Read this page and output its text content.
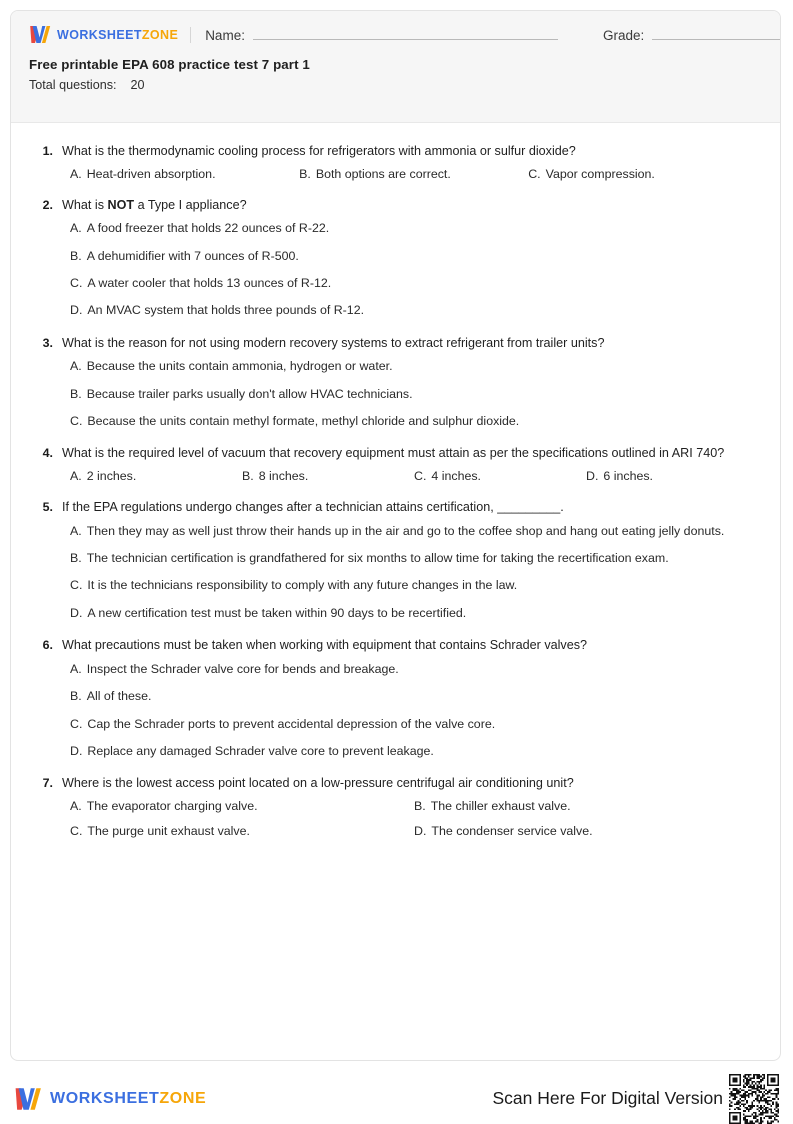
WORKSHEETZONE Name:	Grade:
Free printable EPA 608 practice test 7 part 1
Total questions: 20
1. What is the thermodynamic cooling process for refrigerators with ammonia or sulfur dioxide?
A. Heat-driven absorption.	B. Both options are correct.	C. Vapor compression.
2. What is NOT a Type I appliance?
A. A food freezer that holds 22 ounces of R-22.
B. A dehumidifier with 7 ounces of R-500.
C. A water cooler that holds 13 ounces of R-12.
D. An MVAC system that holds three pounds of R-12.
3. What is the reason for not using modern recovery systems to extract refrigerant from trailer units?
A. Because the units contain ammonia, hydrogen or water.
B. Because trailer parks usually don't allow HVAC technicians.
C. Because the units contain methyl formate, methyl chloride and sulphur dioxide.
4. What is the required level of vacuum that recovery equipment must attain as per the specifications outlined in ARI 740?
A. 2 inches.	B. 8 inches.	C. 4 inches.	D. 6 inches.
5. If the EPA regulations undergo changes after a technician attains certification, _________.
A. Then they may as well just throw their hands up in the air and go to the coffee shop and hang out eating jelly donuts.
B. The technician certification is grandfathered for six months to allow time for taking the recertification exam.
C. It is the technicians responsibility to comply with any future changes in the law.
D. A new certification test must be taken within 90 days to be recertified.
6. What precautions must be taken when working with equipment that contains Schrader valves?
A. Inspect the Schrader valve core for bends and breakage.
B. All of these.
C. Cap the Schrader ports to prevent accidental depression of the valve core.
D. Replace any damaged Schrader valve core to prevent leakage.
7. Where is the lowest access point located on a low-pressure centrifugal air conditioning unit?
A. The evaporator charging valve.	B. The chiller exhaust valve.
C. The purge unit exhaust valve.	D. The condenser service valve.
WORKSHEETZONE	Scan Here For Digital Version
